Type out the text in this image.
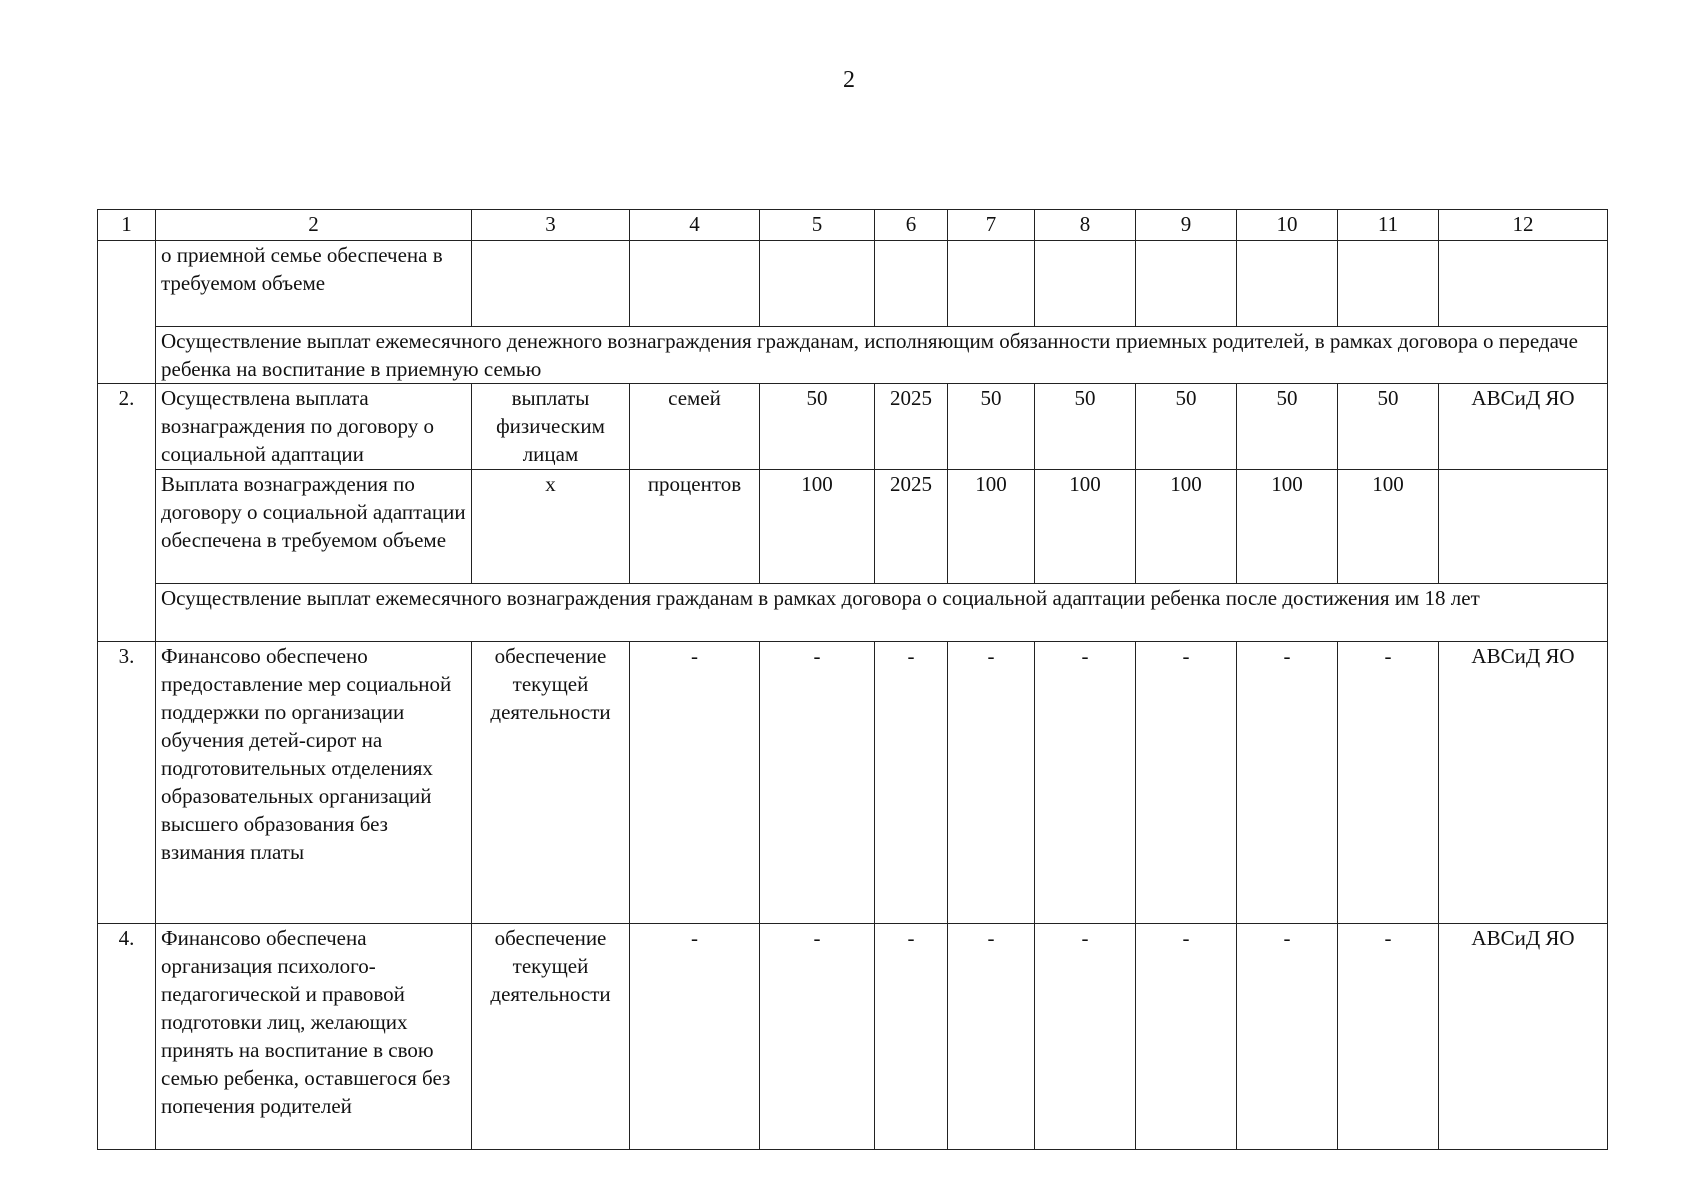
2
1	2	3	4	5	6	7	8	9	10	11	12
	о приемной семье обеспечена в требуемом объеме										
	Осуществление выплат ежемесячного денежного вознаграждения гражданам, исполняющим обязанности приемных родителей, в рамках договора о передаче ребенка на воспитание в приемную семью										
2.	Осуществлена выплата вознаграждения по договору о социальной адаптации	выплаты физическим лицам	семей	50	2025	50	50	50	50	50	АВСиД ЯО
	Выплата вознаграждения по договору о социальной адаптации обеспечена в требуемом объеме	х	процентов	100	2025	100	100	100	100	100	
	Осуществление выплат ежемесячного вознаграждения гражданам в рамках договора о социальной адаптации ребенка после достижения им 18 лет										
3.	Финансово обеспечено предоставление мер социальной поддержки по организации обучения детей-сирот на подготовительных отделениях образовательных организаций высшего образования без взимания платы	обеспечение текущей деятельности	-	-	-	-	-	-	-	-	АВСиД ЯО
4.	Финансово обеспечена организация психолого-педагогической и правовой подготовки лиц, желающих принять на воспитание в свою семью ребенка, оставшегося без попечения родителей	обеспечение текущей деятельности	-	-	-	-	-	-	-	-	АВСиД ЯО
